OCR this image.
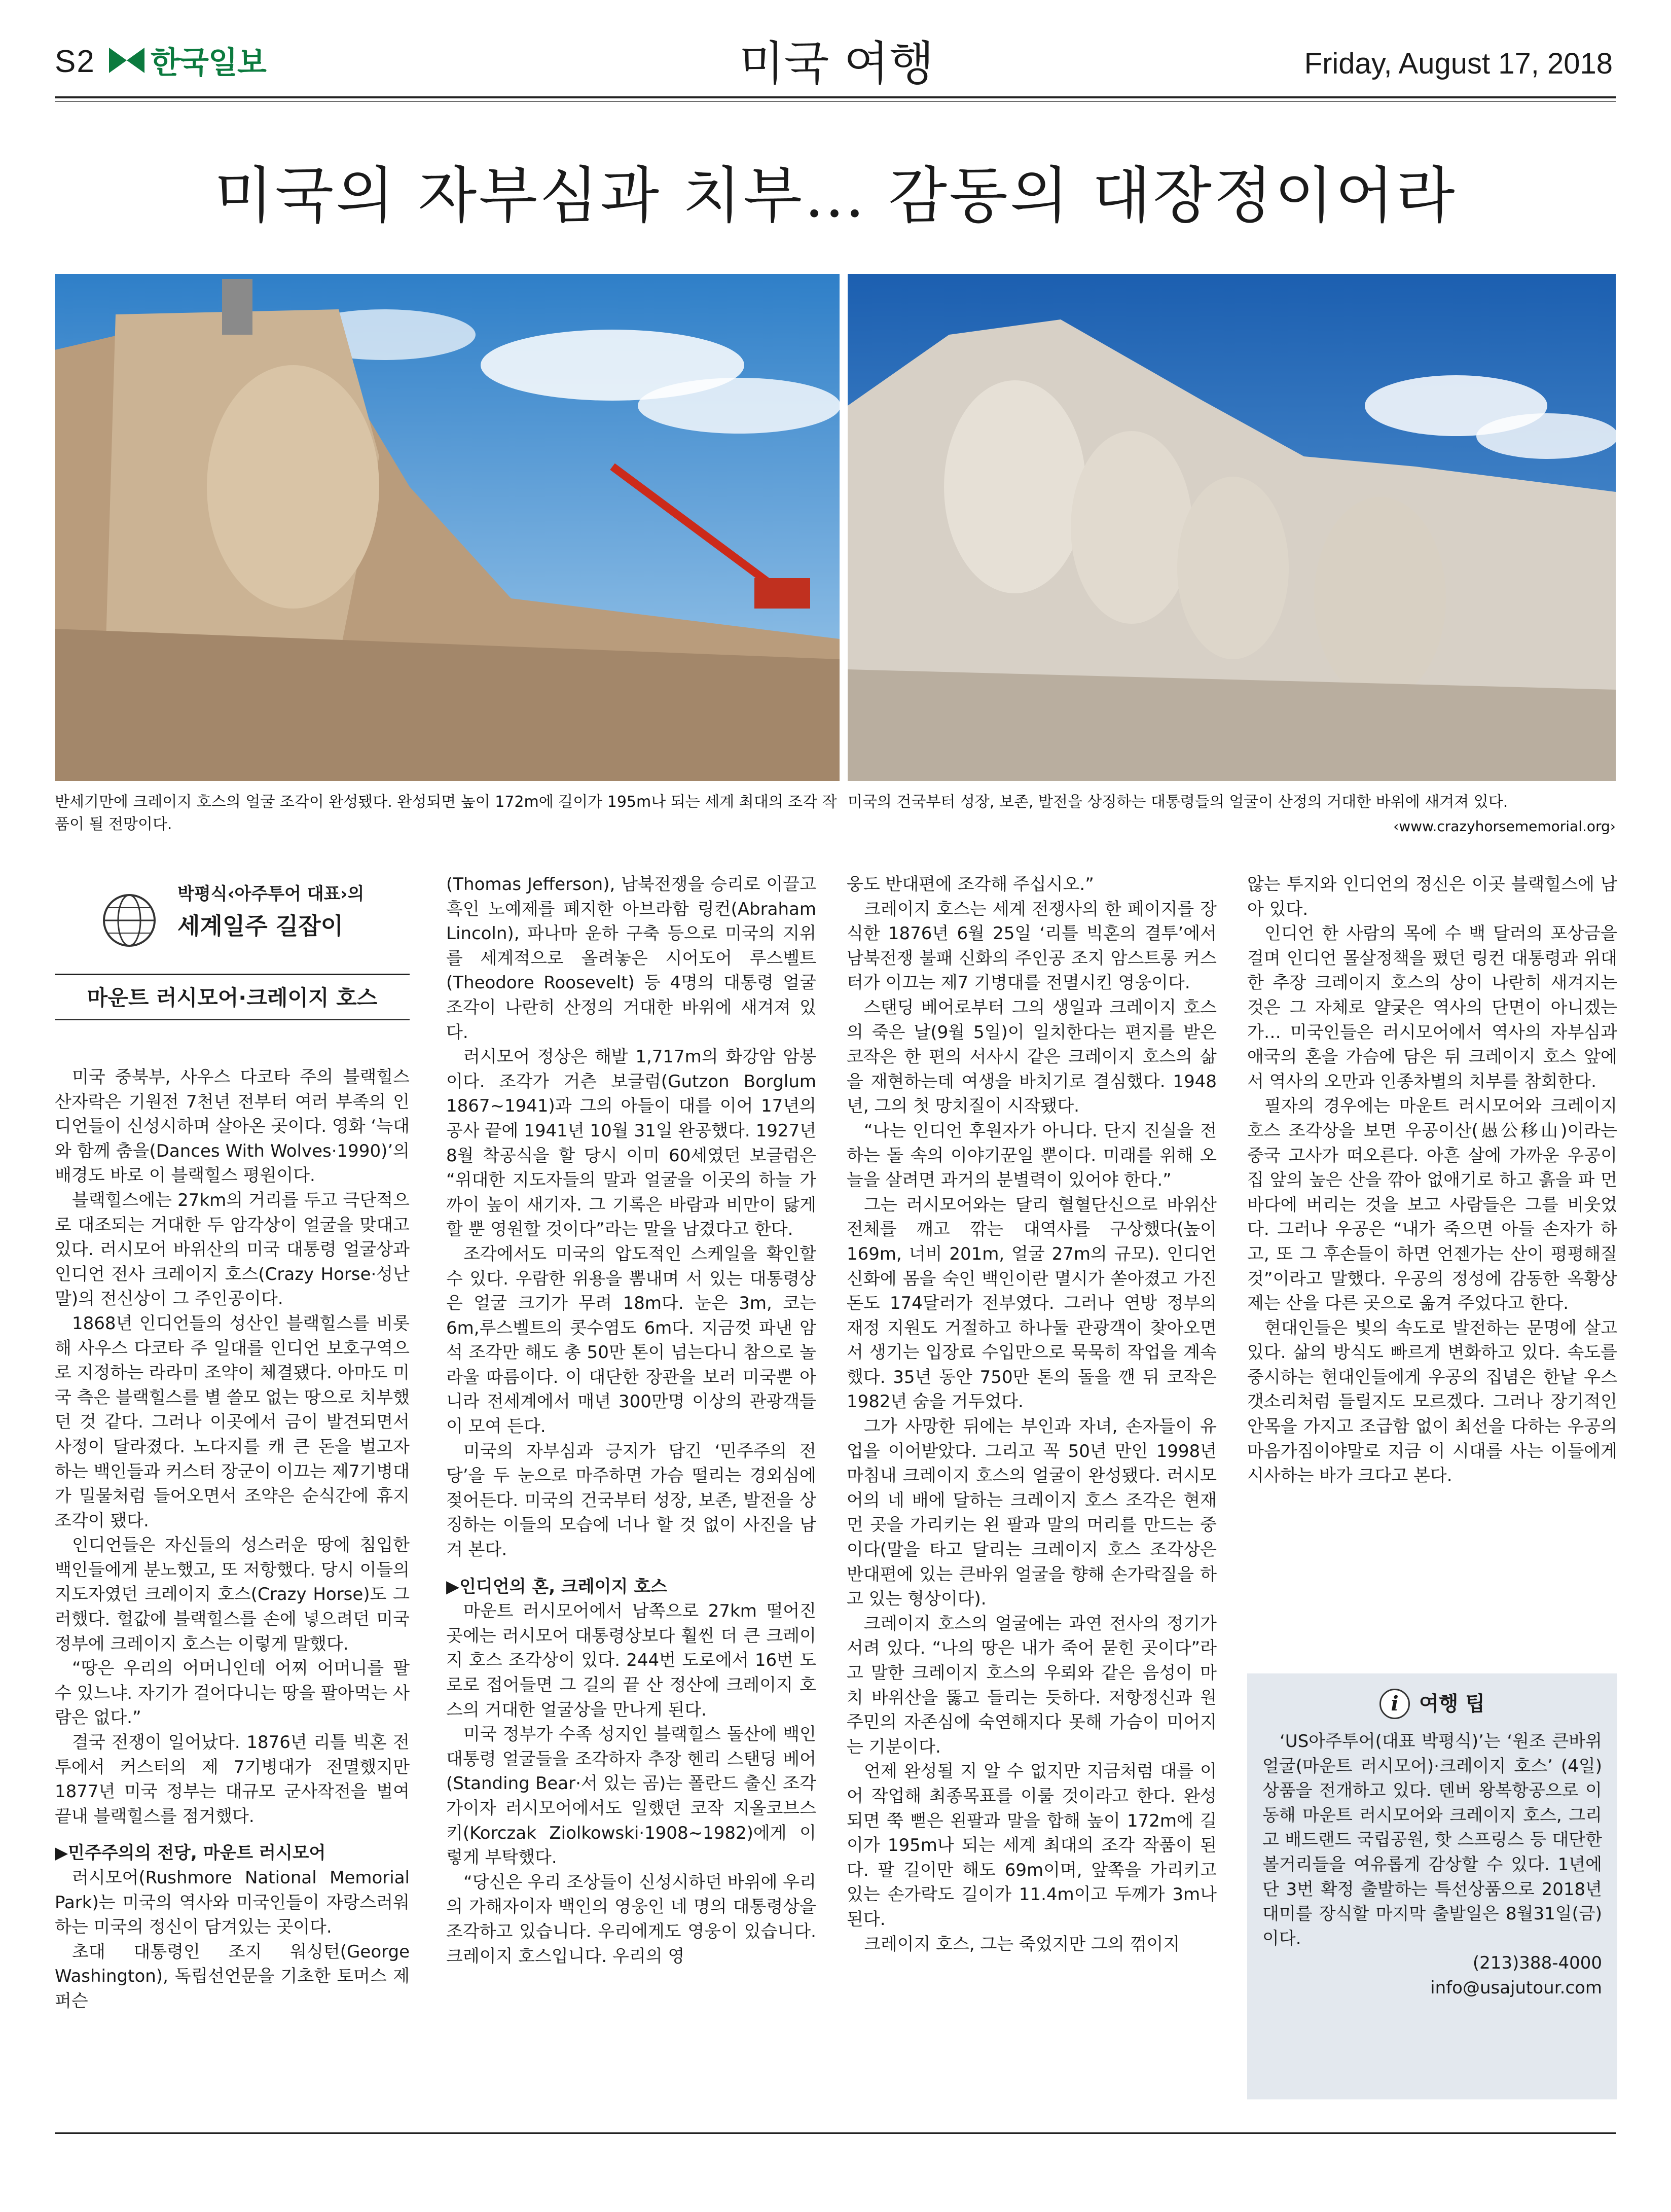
S2 한국일보	미국 여행	Friday, August 17, 2018
미국의 자부심과 치부… 감동의 대장정이어라
반세기만에 크레이지 호스의 얼굴 조각이 완성됐다. 완성되면 높이 172m에 길이가 195m나 되는 세계 최대의 조각 작품이 될 전망이다.
미국의 건국부터 성장, 보존, 발전을 상징하는 대통령들의 얼굴이 산정의 거대한 바위에 새겨져 있다.
‹www.crazyhorsememorial.org›
박평식‹아주투어 대표›의
세계일주 길잡이
마운트 러시모어·크레이지 호스

미국 중북부, 사우스 다코타 주의 블랙힐스 산자락은 기원전 7천년 전부터 여러 부족의 인디언들이 신성시하며 살아온 곳이다. 영화 ‘늑대와 함께 춤을(Dances With Wolves·1990)’의 배경도 바로 이 블랙힐스 평원이다.

블랙힐스에는 27km의 거리를 두고 극단적으로 대조되는 거대한 두 암각상이 얼굴을 맞대고 있다. 러시모어 바위산의 미국 대통령 얼굴상과 인디언 전사 크레이지 호스(Crazy Horse·성난 말)의 전신상이 그 주인공이다.

1868년 인디언들의 성산인 블랙힐스를 비롯해 사우스 다코타 주 일대를 인디언 보호구역으로 지정하는 라라미 조약이 체결됐다. 아마도 미국 측은 블랙힐스를 별 쓸모 없는 땅으로 치부했던 것 같다. 그러나 이곳에서 금이 발견되면서 사정이 달라졌다. 노다지를 캐 큰 돈을 벌고자 하는 백인들과 커스터 장군이 이끄는 제7기병대가 밀물처럼 들어오면서 조약은 순식간에 휴지조각이 됐다.

인디언들은 자신들의 성스러운 땅에 침입한 백인들에게 분노했고, 또 저항했다. 당시 이들의 지도자였던 크레이지 호스(Crazy Horse)도 그러했다. 헐값에 블랙힐스를 손에 넣으려던 미국 정부에 크레이지 호스는 이렇게 말했다.

“땅은 우리의 어머니인데 어찌 어머니를 팔 수 있느냐. 자기가 걸어다니는 땅을 팔아먹는 사람은 없다.”

결국 전쟁이 일어났다. 1876년 리틀 빅혼 전투에서 커스터의 제 7기병대가 전멸했지만 1877년 미국 정부는 대규모 군사작전을 벌여 끝내 블랙힐스를 점거했다.

▶민주주의의 전당, 마운트 러시모어

러시모어(Rushmore National Memorial Park)는 미국의 역사와 미국인들이 자랑스러워하는 미국의 정신이 담겨있는 곳이다.

초대 대통령인 조지 워싱턴(George Washington), 독립선언문을 기초한 토머스 제퍼슨

(Thomas Jefferson), 남북전쟁을 승리로 이끌고 흑인 노예제를 폐지한 아브라함 링컨(Abraham Lincoln), 파나마 운하 구축 등으로 미국의 지위를 세계적으로 올려놓은 시어도어 루스벨트(Theodore Roosevelt) 등 4명의 대통령 얼굴 조각이 나란히 산정의 거대한 바위에 새겨져 있다.

러시모어 정상은 해발 1,717m의 화강암 암봉이다. 조각가 거츤 보글럼(Gutzon Borglum 1867~1941)과 그의 아들이 대를 이어 17년의 공사 끝에 1941년 10월 31일 완공했다. 1927년 8월 착공식을 할 당시 이미 60세였던 보글럼은 “위대한 지도자들의 말과 얼굴을 이곳의 하늘 가까이 높이 새기자. 그 기록은 바람과 비만이 닳게 할 뿐 영원할 것이다”라는 말을 남겼다고 한다.

조각에서도 미국의 압도적인 스케일을 확인할 수 있다. 우람한 위용을 뽐내며 서 있는 대통령상은 얼굴 크기가 무려 18m다. 눈은 3m, 코는 6m,루스벨트의 콧수염도 6m다. 지금껏 파낸 암석 조각만 해도 총 50만 톤이 넘는다니 참으로 놀라울 따름이다. 이 대단한 장관을 보러 미국뿐 아니라 전세계에서 매년 300만명 이상의 관광객들이 모여 든다.

미국의 자부심과 긍지가 담긴 ‘민주주의 전당’을 두 눈으로 마주하면 가슴 떨리는 경외심에 젖어든다. 미국의 건국부터 성장, 보존, 발전을 상징하는 이들의 모습에 너나 할 것 없이 사진을 남겨 본다.

▶인디언의 혼, 크레이지 호스

마운트 러시모어에서 남쪽으로 27km 떨어진 곳에는 러시모어 대통령상보다 훨씬 더 큰 크레이지 호스 조각상이 있다. 244번 도로에서 16번 도로로 접어들면 그 길의 끝 산 정산에 크레이지 호스의 거대한 얼굴상을 만나게 된다.

미국 정부가 수족 성지인 블랙힐스 돌산에 백인 대통령 얼굴들을 조각하자 추장 헨리 스탠딩 베어(Standing Bear·서 있는 곰)는 폴란드 출신 조각가이자 러시모어에서도 일했던 코작 지올코브스키(Korczak Ziolkowski·1908~1982)에게 이렇게 부탁했다.

“당신은 우리 조상들이 신성시하던 바위에 우리의 가해자이자 백인의 영웅인 네 명의 대통령상을 조각하고 있습니다. 우리에게도 영웅이 있습니다. 크레이지 호스입니다. 우리의 영

웅도 반대편에 조각해 주십시오.”

크레이지 호스는 세계 전쟁사의 한 페이지를 장식한 1876년 6월 25일 ‘리틀 빅혼의 결투’에서 남북전쟁 불패 신화의 주인공 조지 암스트롱 커스터가 이끄는 제7 기병대를 전멸시킨 영웅이다.

스탠딩 베어로부터 그의 생일과 크레이지 호스의 죽은 날(9월 5일)이 일치한다는 편지를 받은 코작은 한 편의 서사시 같은 크레이지 호스의 삶을 재현하는데 여생을 바치기로 결심했다. 1948년, 그의 첫 망치질이 시작됐다.

“나는 인디언 후원자가 아니다. 단지 진실을 전하는 돌 속의 이야기꾼일 뿐이다. 미래를 위해 오늘을 살려면 과거의 분별력이 있어야 한다.”

그는 러시모어와는 달리 혈혈단신으로 바위산 전체를 깨고 깎는 대역사를 구상했다(높이 169m, 너비 201m, 얼굴 27m의 규모). 인디언 신화에 몸을 숙인 백인이란 멸시가 쏟아졌고 가진 돈도 174달러가 전부였다. 그러나 연방 정부의 재정 지원도 거절하고 하나둘 관광객이 찾아오면서 생기는 입장료 수입만으로 묵묵히 작업을 계속했다. 35년 동안 750만 톤의 돌을 깬 뒤 코작은 1982년 숨을 거두었다.

그가 사망한 뒤에는 부인과 자녀, 손자들이 유업을 이어받았다. 그리고 꼭 50년 만인 1998년 마침내 크레이지 호스의 얼굴이 완성됐다. 러시모어의 네 배에 달하는 크레이지 호스 조각은 현재 먼 곳을 가리키는 왼 팔과 말의 머리를 만드는 중이다(말을 타고 달리는 크레이지 호스 조각상은 반대편에 있는 큰바위 얼굴을 향해 손가락질을 하고 있는 형상이다).

크레이지 호스의 얼굴에는 과연 전사의 정기가 서려 있다. “나의 땅은 내가 죽어 묻힌 곳이다”라고 말한 크레이지 호스의 우뢰와 같은 음성이 마치 바위산을 뚫고 들리는 듯하다. 저항정신과 원주민의 자존심에 숙연해지다 못해 가슴이 미어지는 기분이다.

언제 완성될 지 알 수 없지만 지금처럼 대를 이어 작업해 최종목표를 이룰 것이라고 한다. 완성되면 쭉 뻗은 왼팔과 말을 합해 높이 172m에 길이가 195m나 되는 세계 최대의 조각 작품이 된다. 팔 길이만 해도 69m이며, 앞쪽을 가리키고 있는 손가락도 길이가 11.4m이고 두께가 3m나 된다.

크레이지 호스, 그는 죽었지만 그의 꺾이지

않는 투지와 인디언의 정신은 이곳 블랙힐스에 남아 있다.

인디언 한 사람의 목에 수 백 달러의 포상금을 걸며 인디언 몰살정책을 폈던 링컨 대통령과 위대한 추장 크레이지 호스의 상이 나란히 새겨지는 것은 그 자체로 얄궂은 역사의 단면이 아니겠는가… 미국인들은 러시모어에서 역사의 자부심과 애국의 혼을 가슴에 담은 뒤 크레이지 호스 앞에서 역사의 오만과 인종차별의 치부를 참회한다.

필자의 경우에는 마운트 러시모어와 크레이지 호스 조각상을 보면 우공이산(愚公移山)이라는 중국 고사가 떠오른다. 아흔 살에 가까운 우공이 집 앞의 높은 산을 깎아 없애기로 하고 흙을 파 먼 바다에 버리는 것을 보고 사람들은 그를 비웃었다. 그러나 우공은 “내가 죽으면 아들 손자가 하고, 또 그 후손들이 하면 언젠가는 산이 평평해질 것”이라고 말했다. 우공의 정성에 감동한 옥황상제는 산을 다른 곳으로 옮겨 주었다고 한다.

현대인들은 빛의 속도로 발전하는 문명에 살고 있다. 삶의 방식도 빠르게 변화하고 있다. 속도를 중시하는 현대인들에게 우공의 집념은 한낱 우스갯소리처럼 들릴지도 모르겠다. 그러나 장기적인 안목을 가지고 조급함 없이 최선을 다하는 우공의 마음가짐이야말로 지금 이 시대를 사는 이들에게 시사하는 바가 크다고 본다.

i	여행 팁
‘US아주투어(대표 박평식)’는 ‘원조 큰바위얼굴(마운트 러시모어)·크레이지 호스’ (4일) 상품을 전개하고 있다. 덴버 왕복항공으로 이동해 마운트 러시모어와 크레이지 호스, 그리고 배드랜드 국립공원, 핫 스프링스 등 대단한 볼거리들을 여유롭게 감상할 수 있다. 1년에 단 3번 확정 출발하는 특선상품으로 2018년 대미를 장식할 마지막 출발일은 8월31일(금)이다.
(213)388-4000
info@usajutour.com
